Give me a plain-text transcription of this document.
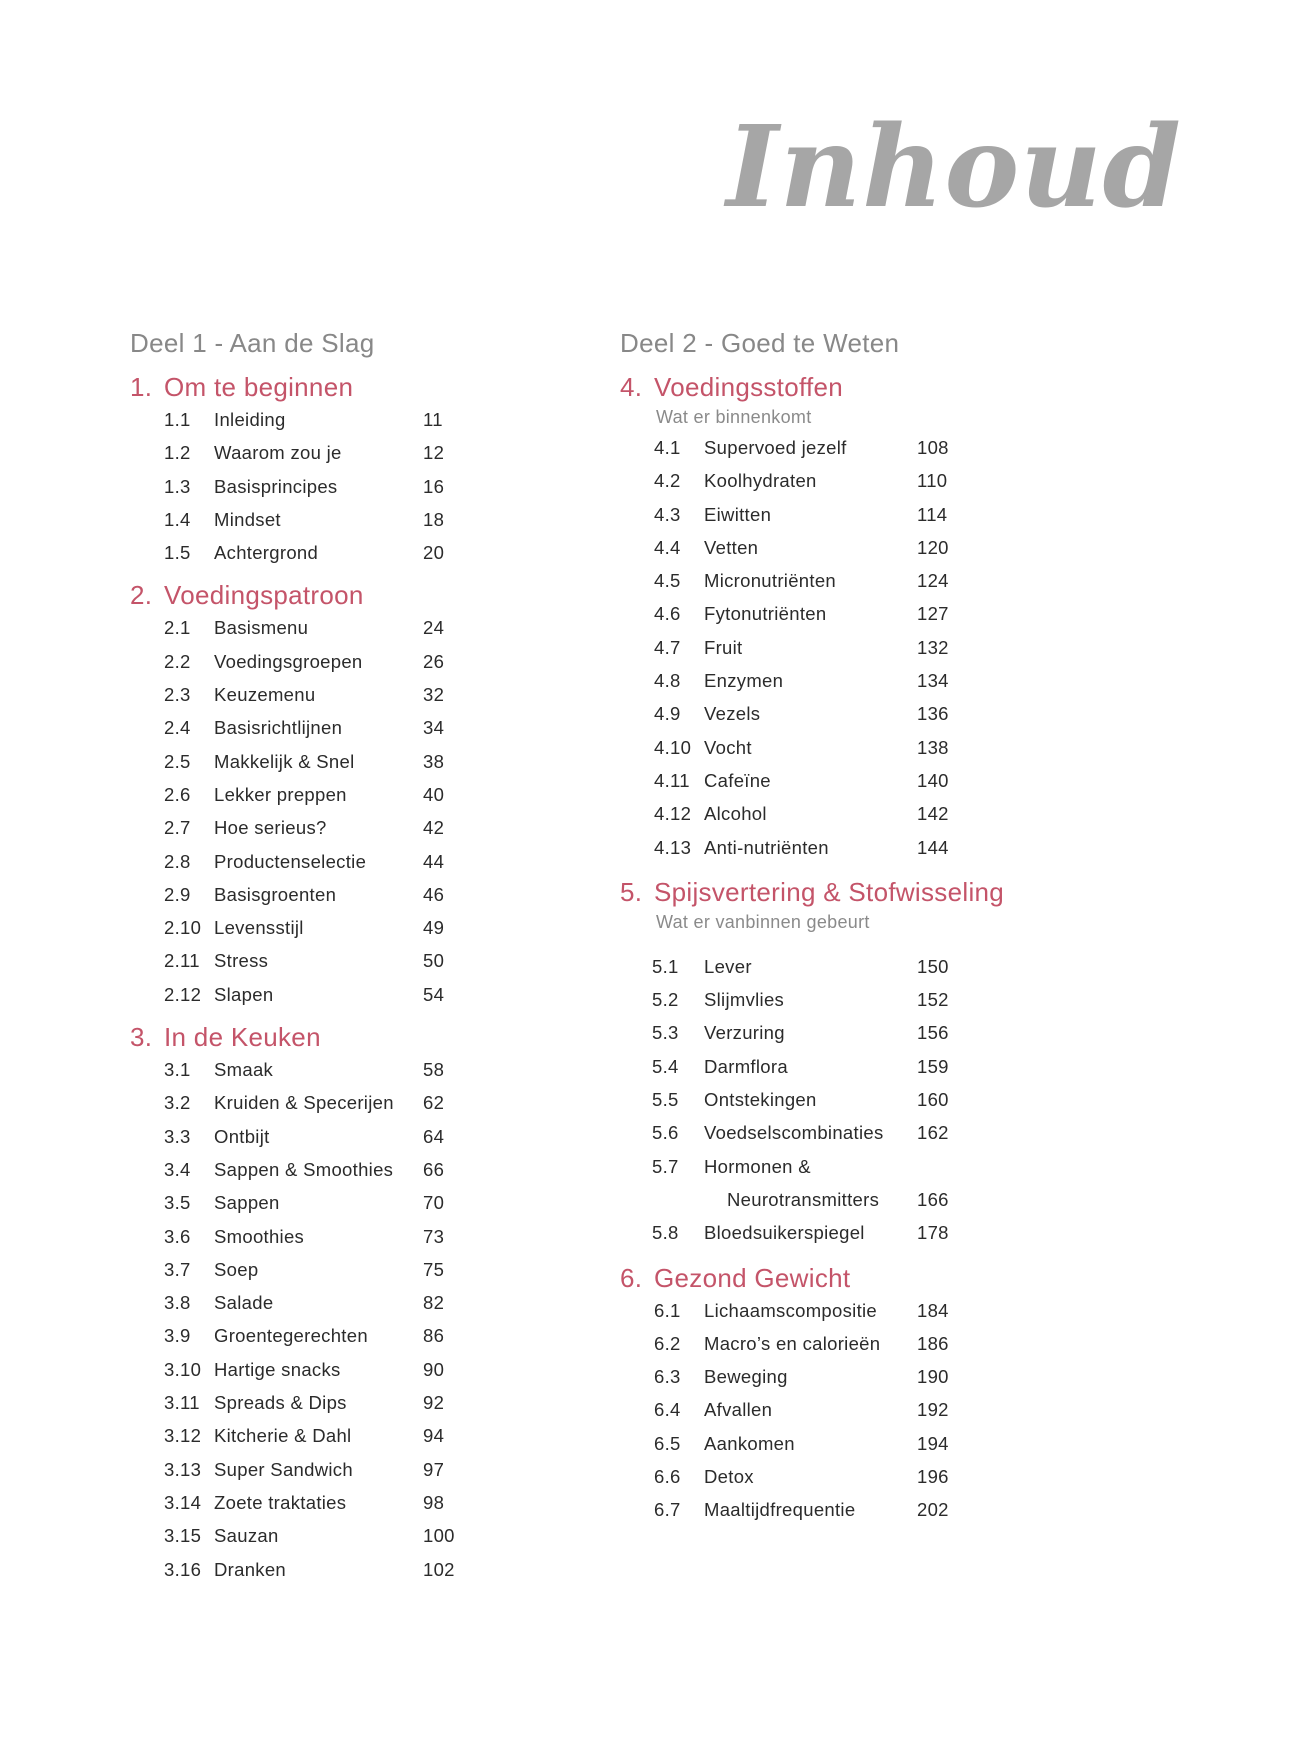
Inhoud
Deel 1 - Aan de Slag
1. Om te beginnen
1.1 Inleiding	11
1.2 Waarom zou je	12
1.3 Basisprincipes	16
1.4 Mindset	18
1.5 Achtergrond	20
2. Voedingspatroon
2.1 Basismenu	24
2.2 Voedingsgroepen	26
2.3 Keuzemenu	32
2.4 Basisrichtlijnen	34
2.5 Makkelijk & Snel	38
2.6 Lekker preppen	40
2.7 Hoe serieus?	42
2.8 Productenselectie	44
2.9 Basisgroenten	46
2.10 Levensstijl	49
2.11 Stress	50
2.12 Slapen	54
3. In de Keuken
3.1 Smaak	58
3.2 Kruiden & Specerijen 62
3.3 Ontbijt	64
3.4 Sappen & Smoothies 66
3.5 Sappen	70
3.6 Smoothies	73
3.7 Soep	75
3.8 Salade	82
3.9 Groentegerechten	86
3.10 Hartige snacks	90
3.11 Spreads & Dips	92
3.12 Kitcherie & Dahl	94
3.13 Super Sandwich	97
3.14 Zoete traktaties	98
3.15 Sauzan	100
3.16 Dranken	102
Deel 2 - Goed te Weten
4. Voedingsstoffen
Wat er binnenkomt
4.1 Supervoed jezelf	108
4.2 Koolhydraten	110
4.3 Eiwitten	114
4.4 Vetten	120
4.5 Micronutriënten	124
4.6 Fytonutriënten	127
4.7 Fruit	132
4.8 Enzymen	134
4.9 Vezels	136
4.10 Vocht	138
4.11 Cafeïne	140
4.12 Alcohol	142
4.13 Anti-nutriënten	144
5. Spijsvertering & Stofwisseling
Wat er vanbinnen gebeurt
5.1 Lever	150
5.2 Slijmvlies	152
5.3 Verzuring	156
5.4 Darmflora	159
5.5 Ontstekingen	160
5.6 Voedselscombinaties 162
5.7 Hormonen &
Neurotransmitters 166
5.8 Bloedsuikerspiegel	178
6. Gezond Gewicht
6.1 Lichaamscompositie 184
6.2 Macro’s en calorieën 186
6.3 Beweging	190
6.4 Afvallen	192
6.5 Aankomen	194
6.6 Detox	196
6.7 Maaltijdfrequentie	202
